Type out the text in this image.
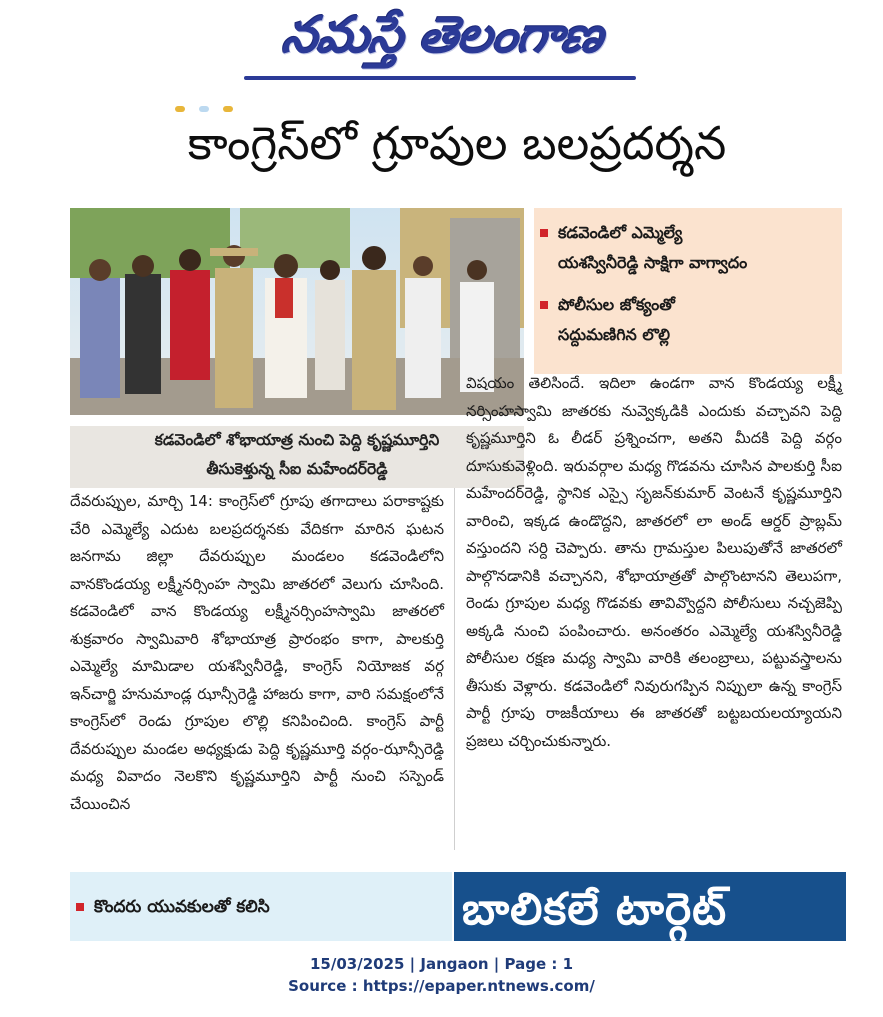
నమస్తే తెలంగాణ
కాంగ్రెస్‌లో గ్రూపుల బలప్రదర్శన
కడవెండిలో శోభాయాత్ర నుంచి పెద్ది కృష్ణమూర్తిని
తీసుకెళ్తున్న సీఐ మహేందర్‌రెడ్డి
కడవెండిలో ఎమ్మెల్యే
యశస్వినీరెడ్డి సాక్షిగా వాగ్వాదం
పోలీసుల జోక్యంతో
సద్దుమణిగిన లొల్లి

దేవరుప్పుల, మార్చి 14: కాంగ్రెస్‌లో గ్రూపు తగాదాలు పరాకాష్టకు చేరి ఎమ్మెల్యే ఎదుట బలప్రదర్శనకు వేదికగా మారిన ఘటన జనగామ జిల్లా దేవరుప్పుల మండలం కడవెండిలోని వానకొండయ్య లక్ష్మీనర్సింహ స్వామి జాతరలో వెలుగు చూసింది. కడవెండిలో వాన కొండయ్య లక్ష్మీనర్సింహస్వామి జాతరలో శుక్రవారం స్వామివారి శోభాయాత్ర ప్రారంభం కాగా, పాలకుర్తి ఎమ్మెల్యే మామిడాల యశస్వినీరెడ్డి, కాంగ్రెస్ నియోజక వర్గ ఇన్‌చార్జి హనుమాండ్ల ఝాన్సీరెడ్డి హాజరు కాగా, వారి సమక్షంలోనే కాంగ్రెస్‌లో రెండు గ్రూపుల లొల్లి కనిపించింది. కాంగ్రెస్ పార్టీ దేవరుప్పుల మండల అధ్యక్షుడు పెద్ది కృష్ణమూర్తి వర్గం-ఝాన్సీరెడ్డి మధ్య వివాదం నెలకొని కృష్ణమూర్తిని పార్టీ నుంచి సస్పెండ్ చేయించిన

విషయం తెలిసిందే. ఇదిలా ఉండగా వాన కొండయ్య లక్ష్మీ నర్సింహస్వామి జాతరకు నువ్వెక్కడికి ఎందుకు వచ్చావని పెద్ది కృష్ణమూర్తిని ఓ లీడర్ ప్రశ్నించగా, అతని మీదకి పెద్ది వర్గం దూసుకువెళ్లింది. ఇరువర్గాల మధ్య గొడవను చూసిన పాలకుర్తి సీఐ మహేందర్‌రెడ్డి, స్థానిక ఎస్సై సృజన్‌కుమార్ వెంటనే కృష్ణమూర్తిని వారించి, ఇక్కడ ఉండొద్దని, జాతరలో లా అండ్ ఆర్డర్ ప్రాబ్లమ్ వస్తుందని సర్ది చెప్పారు. తాను గ్రామస్తుల పిలుపుతోనే జాతరలో పాల్గొనడానికి వచ్చానని, శోభాయాత్రతో పాల్గొంటానని తెలుపగా, రెండు గ్రూపుల మధ్య గొడవకు తావివ్వొద్దని పోలీసులు నచ్చజెప్పి అక్కడి నుంచి పంపించారు. అనంతరం ఎమ్మెల్యే యశస్వినీరెడ్డి పోలీసుల రక్షణ మధ్య స్వామి వారికి తలంబ్రాలు, పట్టువస్త్రాలను తీసుకు వెళ్లారు. కడవెండిలో నివురుగప్పిన నిప్పులా ఉన్న కాంగ్రెస్ పార్టీ గ్రూపు రాజకీయాలు ఈ జాతరతో బట్టబయలయ్యాయని ప్రజలు చర్చించుకున్నారు.

కొందరు యువకులతో కలిసి	బాలికలే టార్గెట్
15/03/2025 | Jangaon | Page : 1
Source : https://epaper.ntnews.com/
